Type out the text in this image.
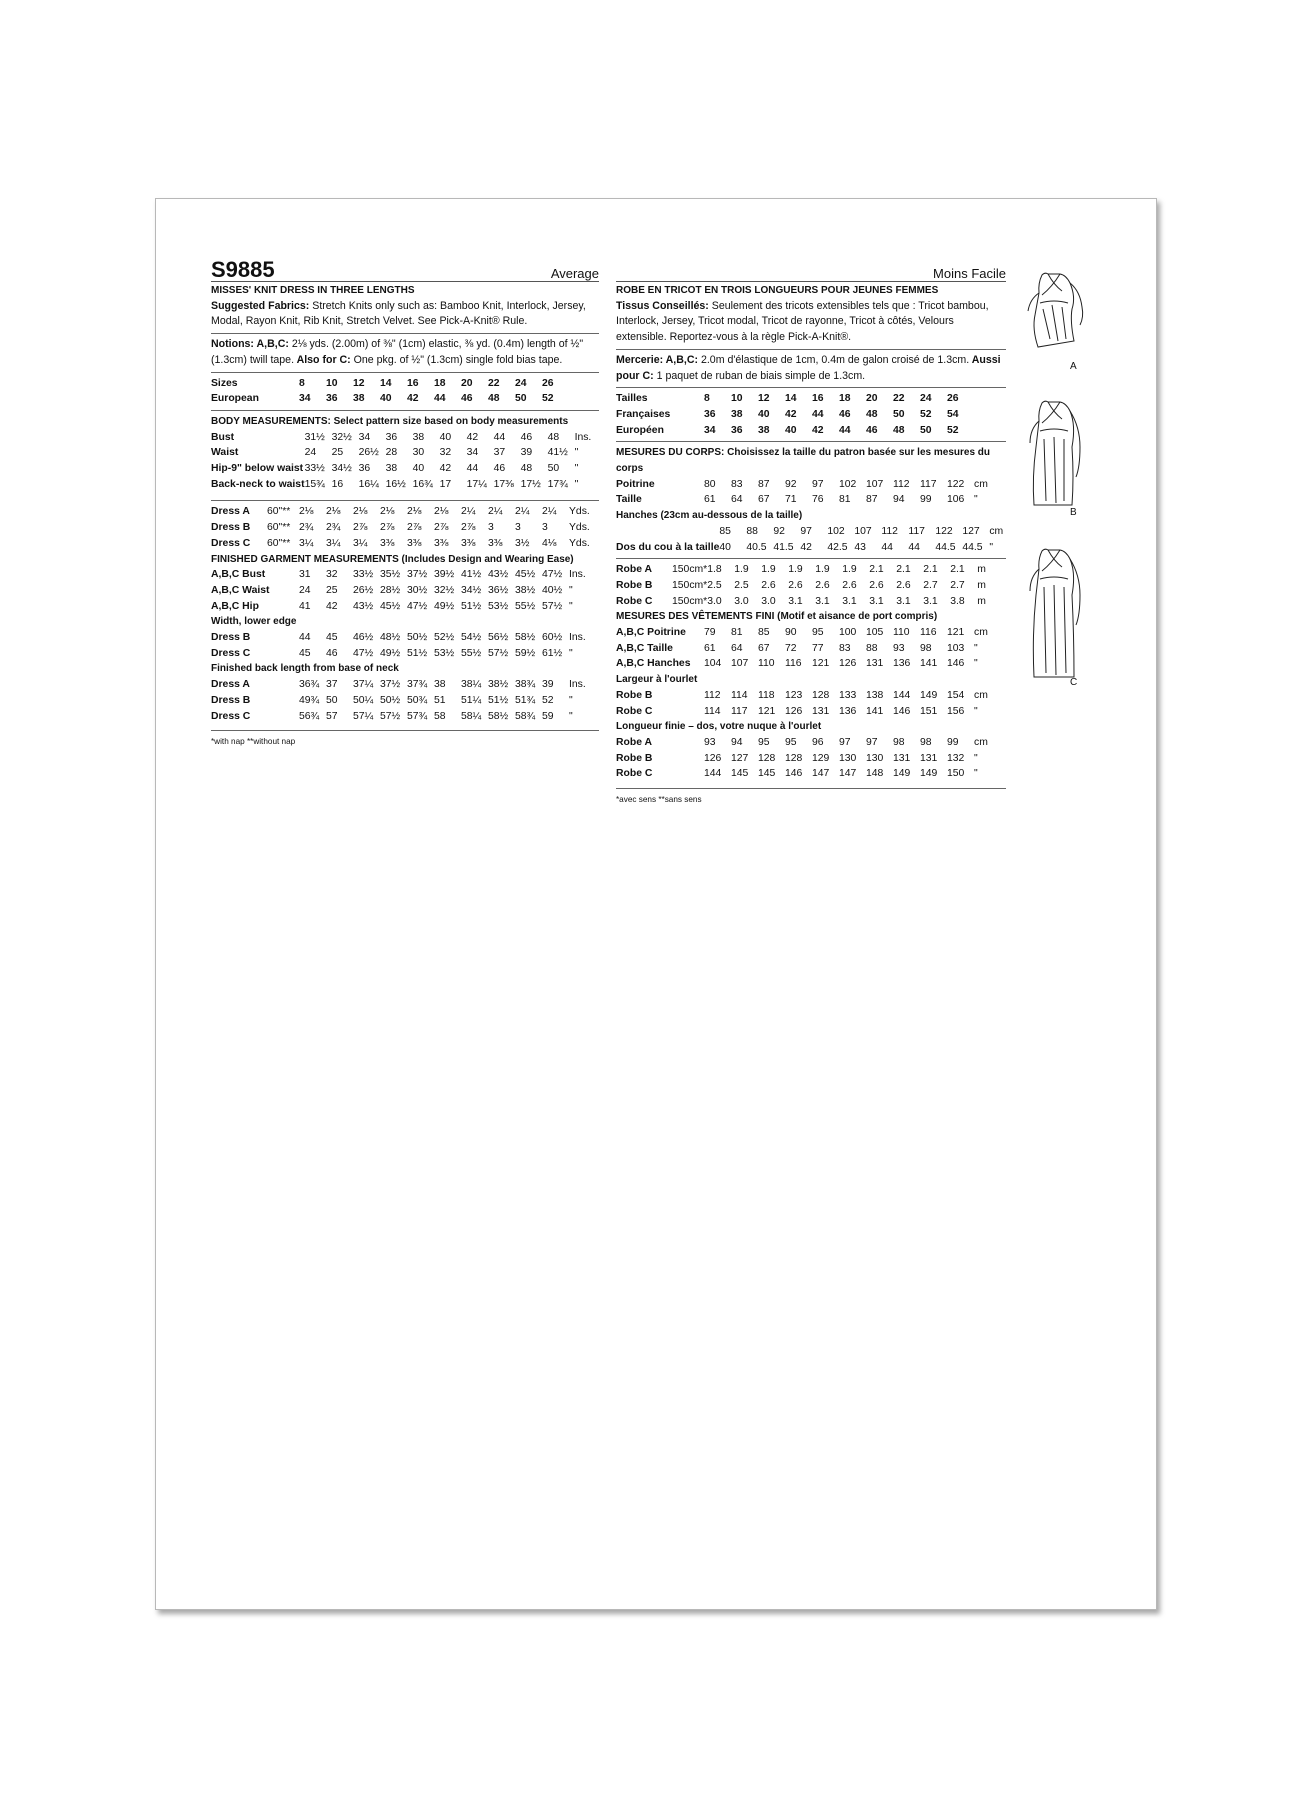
S9885	Average
MISSES' KNIT DRESS IN THREE LENGTHS
Suggested Fabrics: Stretch Knits only such as: Bamboo Knit, Interlock, Jersey, Modal, Rayon Knit, Rib Knit, Stretch Velvet. See Pick-A-Knit® Rule.
Notions: A,B,C: 2⅛ yds. (2.00m) of ⅜" (1cm) elastic, ⅜ yd. (0.4m) length of ½" (1.3cm) twill tape. Also for C: One pkg. of ½" (1.3cm) single fold bias tape.
Sizes	8	10	12	14	16	18	20	22	24	26	
European	34	36	38	40	42	44	46	48	50	52	
BODY MEASUREMENTS: Select pattern size based on body measurements
Bust	31½	32½	34	36	38	40	42	44	46	48	Ins.
Waist	24	25	26½	28	30	32	34	37	39	41½	"
Hip-9" below waist	33½	34½	36	38	40	42	44	46	48	50	"
Back-neck to waist	15¾	16	16¼	16½	16¾	17	17¼	17⅜	17½	17¾	"
Dress A	60"**	2⅛	2⅛	2⅛	2⅛	2⅛	2⅛	2¼	2¼	2¼	2¼	Yds.
Dress B	60"**	2¾	2¾	2⅞	2⅞	2⅞	2⅞	2⅞	3	3	3	Yds.
Dress C	60"**	3¼	3¼	3¼	3⅜	3⅜	3⅜	3⅜	3⅜	3½	4⅛	Yds.
FINISHED GARMENT MEASUREMENTS (Includes Design and Wearing Ease)
A,B,C Bust	31	32	33½	35½	37½	39½	41½	43½	45½	47½	Ins.
A,B,C Waist	24	25	26½	28½	30½	32½	34½	36½	38½	40½	"
A,B,C Hip	41	42	43½	45½	47½	49½	51½	53½	55½	57½	"
Width, lower edge
Dress B	44	45	46½	48½	50½	52½	54½	56½	58½	60½	Ins.
Dress C	45	46	47½	49½	51½	53½	55½	57½	59½	61½	"
Finished back length from base of neck
Dress A	36¾	37	37¼	37½	37¾	38	38¼	38½	38¾	39	Ins.
Dress B	49¾	50	50¼	50½	50¾	51	51¼	51½	51¾	52	"
Dress C	56¾	57	57¼	57½	57¾	58	58¼	58½	58¾	59	"
*with nap **without nap
Moins Facile
ROBE EN TRICOT EN TROIS LONGUEURS POUR JEUNES FEMMES
Tissus Conseillés: Seulement des tricots extensibles tels que : Tricot bambou, Interlock, Jersey, Tricot modal, Tricot de rayonne, Tricot à côtés, Velours extensible. Reportez-vous à la règle Pick-A-Knit®.
Mercerie: A,B,C: 2.0m d'élastique de 1cm, 0.4m de galon croisé de 1.3cm. Aussi pour C: 1 paquet de ruban de biais simple de 1.3cm.
Tailles	8	10	12	14	16	18	20	22	24	26	
Françaises	36	38	40	42	44	46	48	50	52	54	
Européen	34	36	38	40	42	44	46	48	50	52	
MESURES DU CORPS: Choisissez la taille du patron basée sur les mesures du corps
Poitrine	80	83	87	92	97	102	107	112	117	122	cm
Taille	61	64	67	71	76	81	87	94	99	106	"
Hanches (23cm au-dessous de la taille)
	85	88	92	97	102	107	112	117	122	127	cm
Dos du cou à la taille	40	40.5	41.5	42	42.5	43	44	44	44.5	44.5	"
Robe A	150cm*	1.8	1.9	1.9	1.9	1.9	1.9	2.1	2.1	2.1	2.1	m
Robe B	150cm*	2.5	2.5	2.6	2.6	2.6	2.6	2.6	2.6	2.7	2.7	m
Robe C	150cm*	3.0	3.0	3.0	3.1	3.1	3.1	3.1	3.1	3.1	3.8	m
MESURES DES VÊTEMENTS FINI (Motif et aisance de port compris)
A,B,C Poitrine	79	81	85	90	95	100	105	110	116	121	cm
A,B,C Taille	61	64	67	72	77	83	88	93	98	103	"
A,B,C Hanches	104	107	110	116	121	126	131	136	141	146	"
Largeur à l'ourlet
Robe B	112	114	118	123	128	133	138	144	149	154	cm
Robe C	114	117	121	126	131	136	141	146	151	156	"
Longueur finie – dos, votre nuque à l'ourlet
Robe A	93	94	95	95	96	97	97	98	98	99	cm
Robe B	126	127	128	128	129	130	130	131	131	132	"
Robe C	144	145	145	146	147	147	148	149	149	150	"
*avec sens **sans sens
A
B
C
